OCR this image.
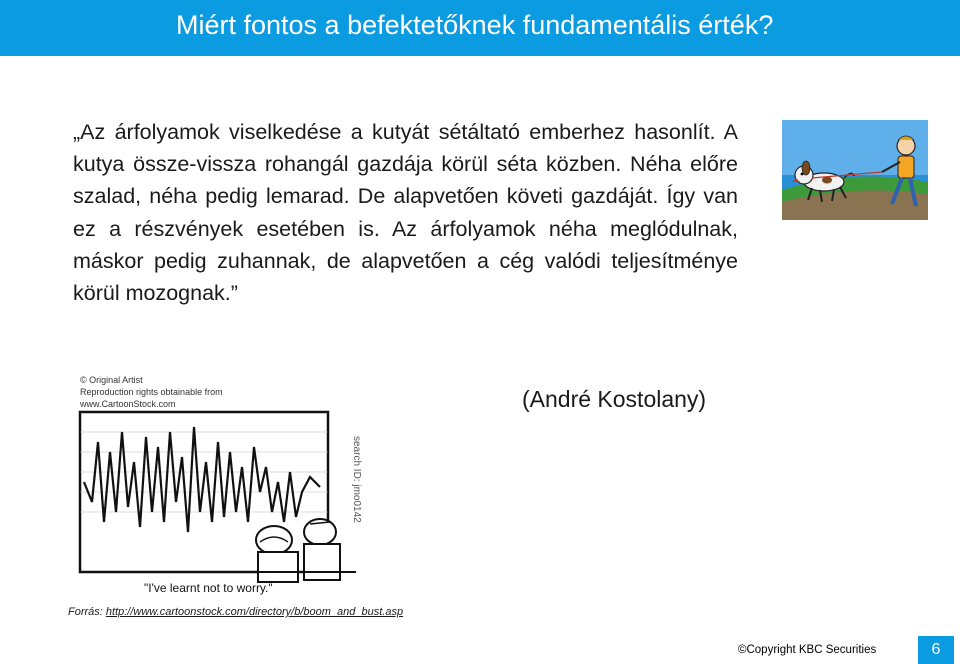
Miért fontos a befektetőknek fundamentális érték?
„Az árfolyamok viselkedése a kutyát sétáltató emberhez hasonlít. A kutya össze-vissza rohangál gazdája körül séta közben. Néha előre szalad, néha pedig lemarad. De alapvetően követi gazdáját. Így van ez a részvények esetében is. Az árfolyamok néha meglódulnak, máskor pedig zuhannak, de alapvetően a cég valódi teljesítménye körül mozognak.”
(André Kostolany)
© Original Artist
Reproduction rights obtainable from
www.CartoonStock.com
search ID: jmo0142
"I've learnt not to worry."
Forrás: http://www.cartoonstock.com/directory/b/boom_and_bust.asp
©Copyright KBC Securities	6
